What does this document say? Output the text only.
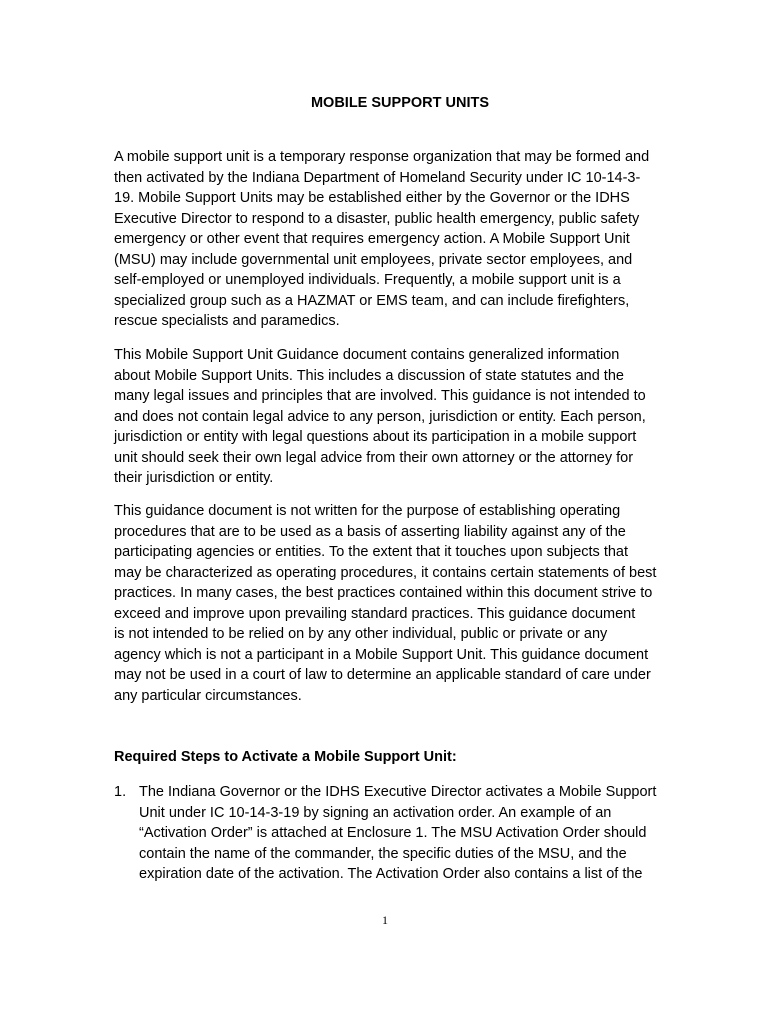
MOBILE SUPPORT UNITS

A mobile support unit is a temporary response organization that may be formed and
then activated by the Indiana Department of Homeland Security under IC 10-14-3-
19. Mobile Support Units may be established either by the Governor or the IDHS
Executive Director to respond to a disaster, public health emergency, public safety
emergency or other event that requires emergency action. A Mobile Support Unit
(MSU) may include governmental unit employees, private sector employees, and
self-employed or unemployed individuals. Frequently, a mobile support unit is a
specialized group such as a HAZMAT or EMS team, and can include firefighters,
rescue specialists and paramedics.

This Mobile Support Unit Guidance document contains generalized information
about Mobile Support Units. This includes a discussion of state statutes and the
many legal issues and principles that are involved. This guidance is not intended to
and does not contain legal advice to any person, jurisdiction or entity. Each person,
jurisdiction or entity with legal questions about its participation in a mobile support
unit should seek their own legal advice from their own attorney or the attorney for
their jurisdiction or entity.

This guidance document is not written for the purpose of establishing operating
procedures that are to be used as a basis of asserting liability against any of the
participating agencies or entities. To the extent that it touches upon subjects that
may be characterized as operating procedures, it contains certain statements of best
practices. In many cases, the best practices contained within this document strive to
exceed and improve upon prevailing standard practices. This guidance document
is not intended to be relied on by any other individual, public or private or any
agency which is not a participant in a Mobile Support Unit. This guidance document
may not be used in a court of law to determine an applicable standard of care under
any particular circumstances.

Required Steps to Activate a Mobile Support Unit:
1. The Indiana Governor or the IDHS Executive Director activates a Mobile Support
Unit under IC 10-14-3-19 by signing an activation order. An example of an
“Activation Order” is attached at Enclosure 1. The MSU Activation Order should
contain the name of the commander, the specific duties of the MSU, and the
expiration date of the activation. The Activation Order also contains a list of the
1
